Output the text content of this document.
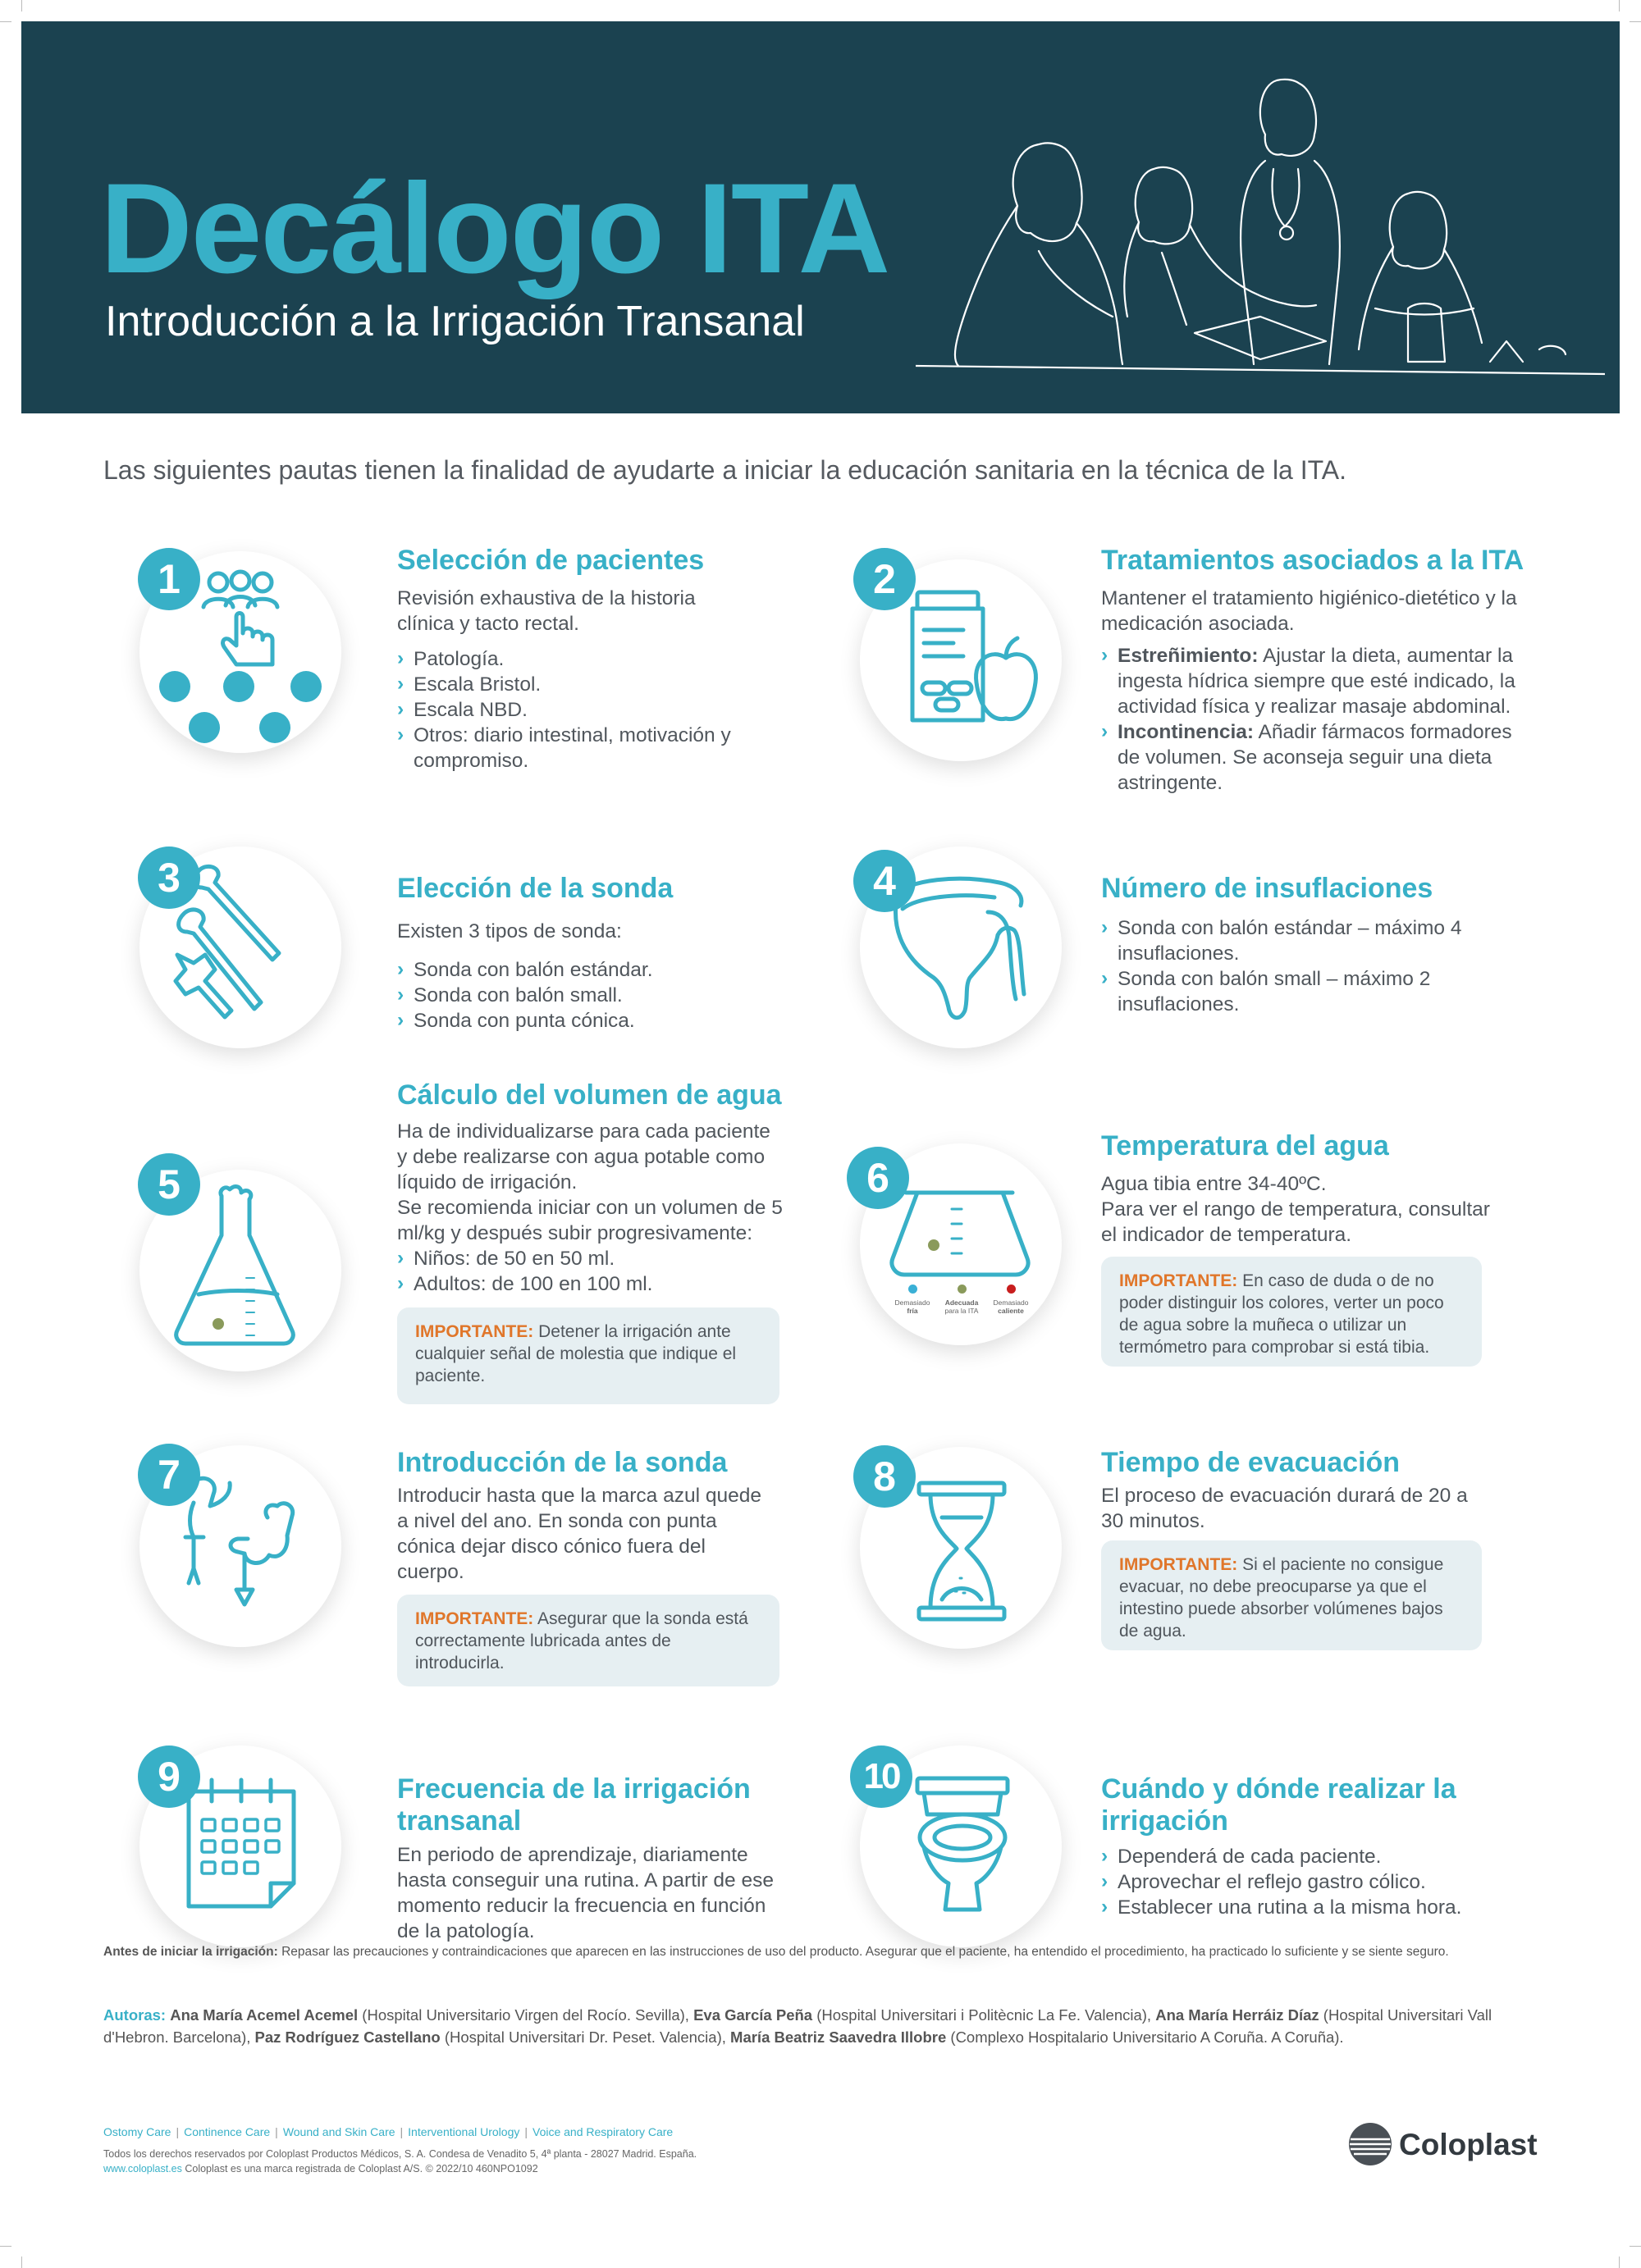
Decálogo ITA
Introducción a la Irrigación Transanal
Las siguientes pautas tienen la finalidad de ayudarte a iniciar la educación sanitaria en la técnica de la ITA.
1	Selección de pacientes
Revisión exhaustiva de la historia clínica y tacto rectal.
› Patología.
› Escala Bristol.
› Escala NBD.
› Otros: diario intestinal, motivación y compromiso.
2	Tratamientos asociados a la ITA
Mantener el tratamiento higiénico-dietético y la medicación asociada.
› Estreñimiento: Ajustar la dieta, aumentar la ingesta hídrica siempre que esté indicado, la actividad física y realizar masaje abdominal.
› Incontinencia: Añadir fármacos formadores de volumen. Se aconseja seguir una dieta astringente.
3	Elección de la sonda
Existen 3 tipos de sonda:
› Sonda con balón estándar.
› Sonda con balón small.
› Sonda con punta cónica.
4	Número de insuflaciones
› Sonda con balón estándar – máximo 4 insuflaciones.
› Sonda con balón small – máximo 2 insuflaciones.
5
Cálculo del volumen de agua
Ha de individualizarse para cada paciente y debe realizarse con agua potable como líquido de irrigación.
Se recomienda iniciar con un volumen de 5 ml/kg y después subir progresivamente:
› Niños: de 50 en 50 ml.
› Adultos: de 100 en 100 ml.
IMPORTANTE: Detener la irrigación ante cualquier señal de molestia que indique el paciente.
Demasiado
fría
Adecuada
para la ITA
Demasiado
caliente
6
Temperatura del agua
Agua tibia entre 34-40ºC.
Para ver el rango de temperatura, consultar el indicador de temperatura.
IMPORTANTE: En caso de duda o de no poder distinguir los colores, verter un poco de agua sobre la muñeca o utilizar un termómetro para comprobar si está tibia.
7	Introducción de la sonda
Introducir hasta que la marca azul quede a nivel del ano. En sonda con punta cónica dejar disco cónico fuera del cuerpo.
IMPORTANTE: Asegurar que la sonda está correctamente lubricada antes de introducirla.
8	Tiempo de evacuación
El proceso de evacuación durará de 20 a 30 minutos.
IMPORTANTE: Si el paciente no consigue evacuar, no debe preocuparse ya que el intestino puede absorber volúmenes bajos de agua.
9	Frecuencia de la irrigación transanal
En periodo de aprendizaje, diariamente hasta conseguir una rutina. A partir de ese momento reducir la frecuencia en función de la patología.
10	Cuándo y dónde realizar la irrigación
› Dependerá de cada paciente.
› Aprovechar el reflejo gastro cólico.
› Establecer una rutina a la misma hora.
Antes de iniciar la irrigación: Repasar las precauciones y contraindicaciones que aparecen en las instrucciones de uso del producto. Asegurar que el paciente, ha entendido el procedimiento, ha practicado lo suficiente y se siente seguro.
Autoras: Ana María Acemel Acemel (Hospital Universitario Virgen del Rocío. Sevilla), Eva García Peña (Hospital Universitari i Politècnic La Fe. Valencia), Ana María Herráiz Díaz (Hospital Universitari Vall d'Hebron. Barcelona), Paz Rodríguez Castellano (Hospital Universitari Dr. Peset. Valencia), María Beatriz Saavedra Illobre (Complexo Hospitalario Universitario A Coruña. A Coruña).
Ostomy Care | Continence Care | Wound and Skin Care | Interventional Urology | Voice and Respiratory Care
Todos los derechos reservados por Coloplast Productos Médicos, S. A. Condesa de Venadito 5, 4ª planta - 28027 Madrid. España.
www.coloplast.es Coloplast es una marca registrada de Coloplast A/S. © 2022/10 460NPO1092
Coloplast
